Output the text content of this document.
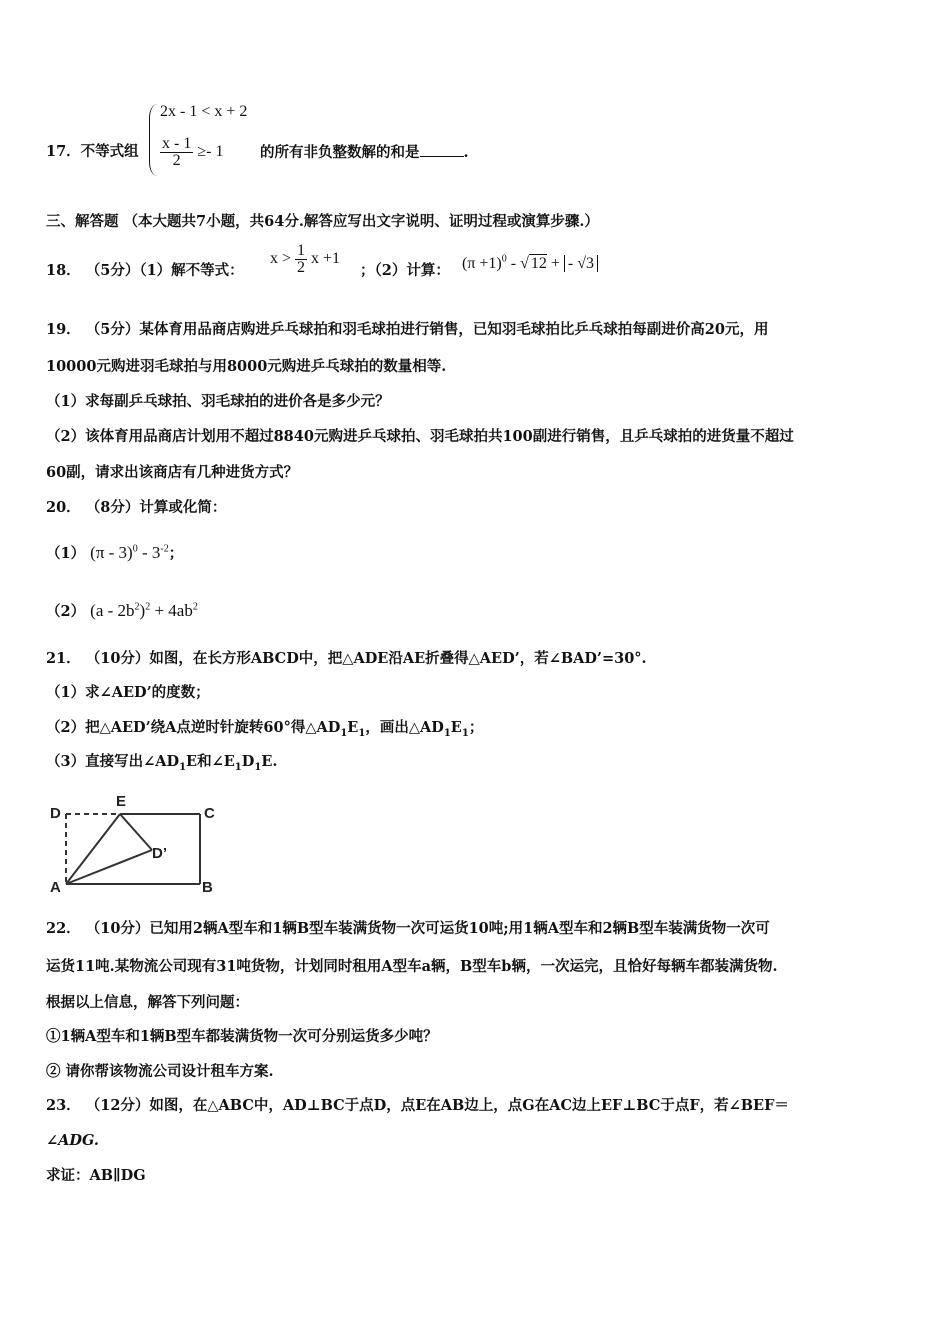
17．不等式组
2x - 1 < x + 2
$\frac{x - 1}{2} \ge- 1$	的所有非负整数解的和是	.
三、解答题 （本大题共7小题，共64分.解答应写出文字说明、证明过程或演算步骤.）
18． （5分）（1）解不等式：
$x > \frac{1}{2}$ x +1
；（2）计算： $(\pi +1)^0$ - √ 12 + - √3
19． （5分）某体育用品商店购进乒乓球拍和羽毛球拍进行销售，已知羽毛球拍比乒乓球拍每副进价高20元，用
10000元购进羽毛球拍与用8000元购进乒乓球拍的数量相等.
（1）求每副乒乓球拍、羽毛球拍的进价各是多少元？
（2）该体育用品商店计划用不超过8840元购进乒乓球拍、羽毛球拍共100副进行销售，且乒乓球拍的进货量不超过
60副，请求出该商店有几种进货方式？
20． （8分）计算或化简：
（1） $(\pi - 3)^0 - 3^{-2}$；
（2） $(a - 2b^2)^2 + 4ab^2$
21． （10分）如图，在长方形ABCD中，把△ADE沿AE折叠得△AED’，若∠BAD’=30°.
（1）求∠AED’的度数；
（2）把△AED’绕A点逆时针旋转60°得$\triangle AD_1E_1$，画出$\triangle AD_1E_1$；
（3）直接写出$\angle AD_1E$和$\angle E_1D_1E$.
D
E
C
D’
A	B
22． （10分）已知用2辆A型车和1辆B型车装满货物一次可运货10吨;用1辆A型车和2辆B型车装满货物一次可
运货11吨.某物流公司现有31吨货物，计划同时租用A型车a辆，B型车b辆，一次运完，且恰好每辆车都装满货物.
根据以上信息，解答下列问题：
①1辆A型车和1辆B型车都装满货物一次可分别运货多少吨？
② 请你帮该物流公司设计租车方案.
23． （12分）如图，在△ABC中，AD⊥BC于点D，点E在AB边上，点G在AC边上EF⊥BC于点F，若∠BEF＝
∠ADG.
求证：AB∥DG
